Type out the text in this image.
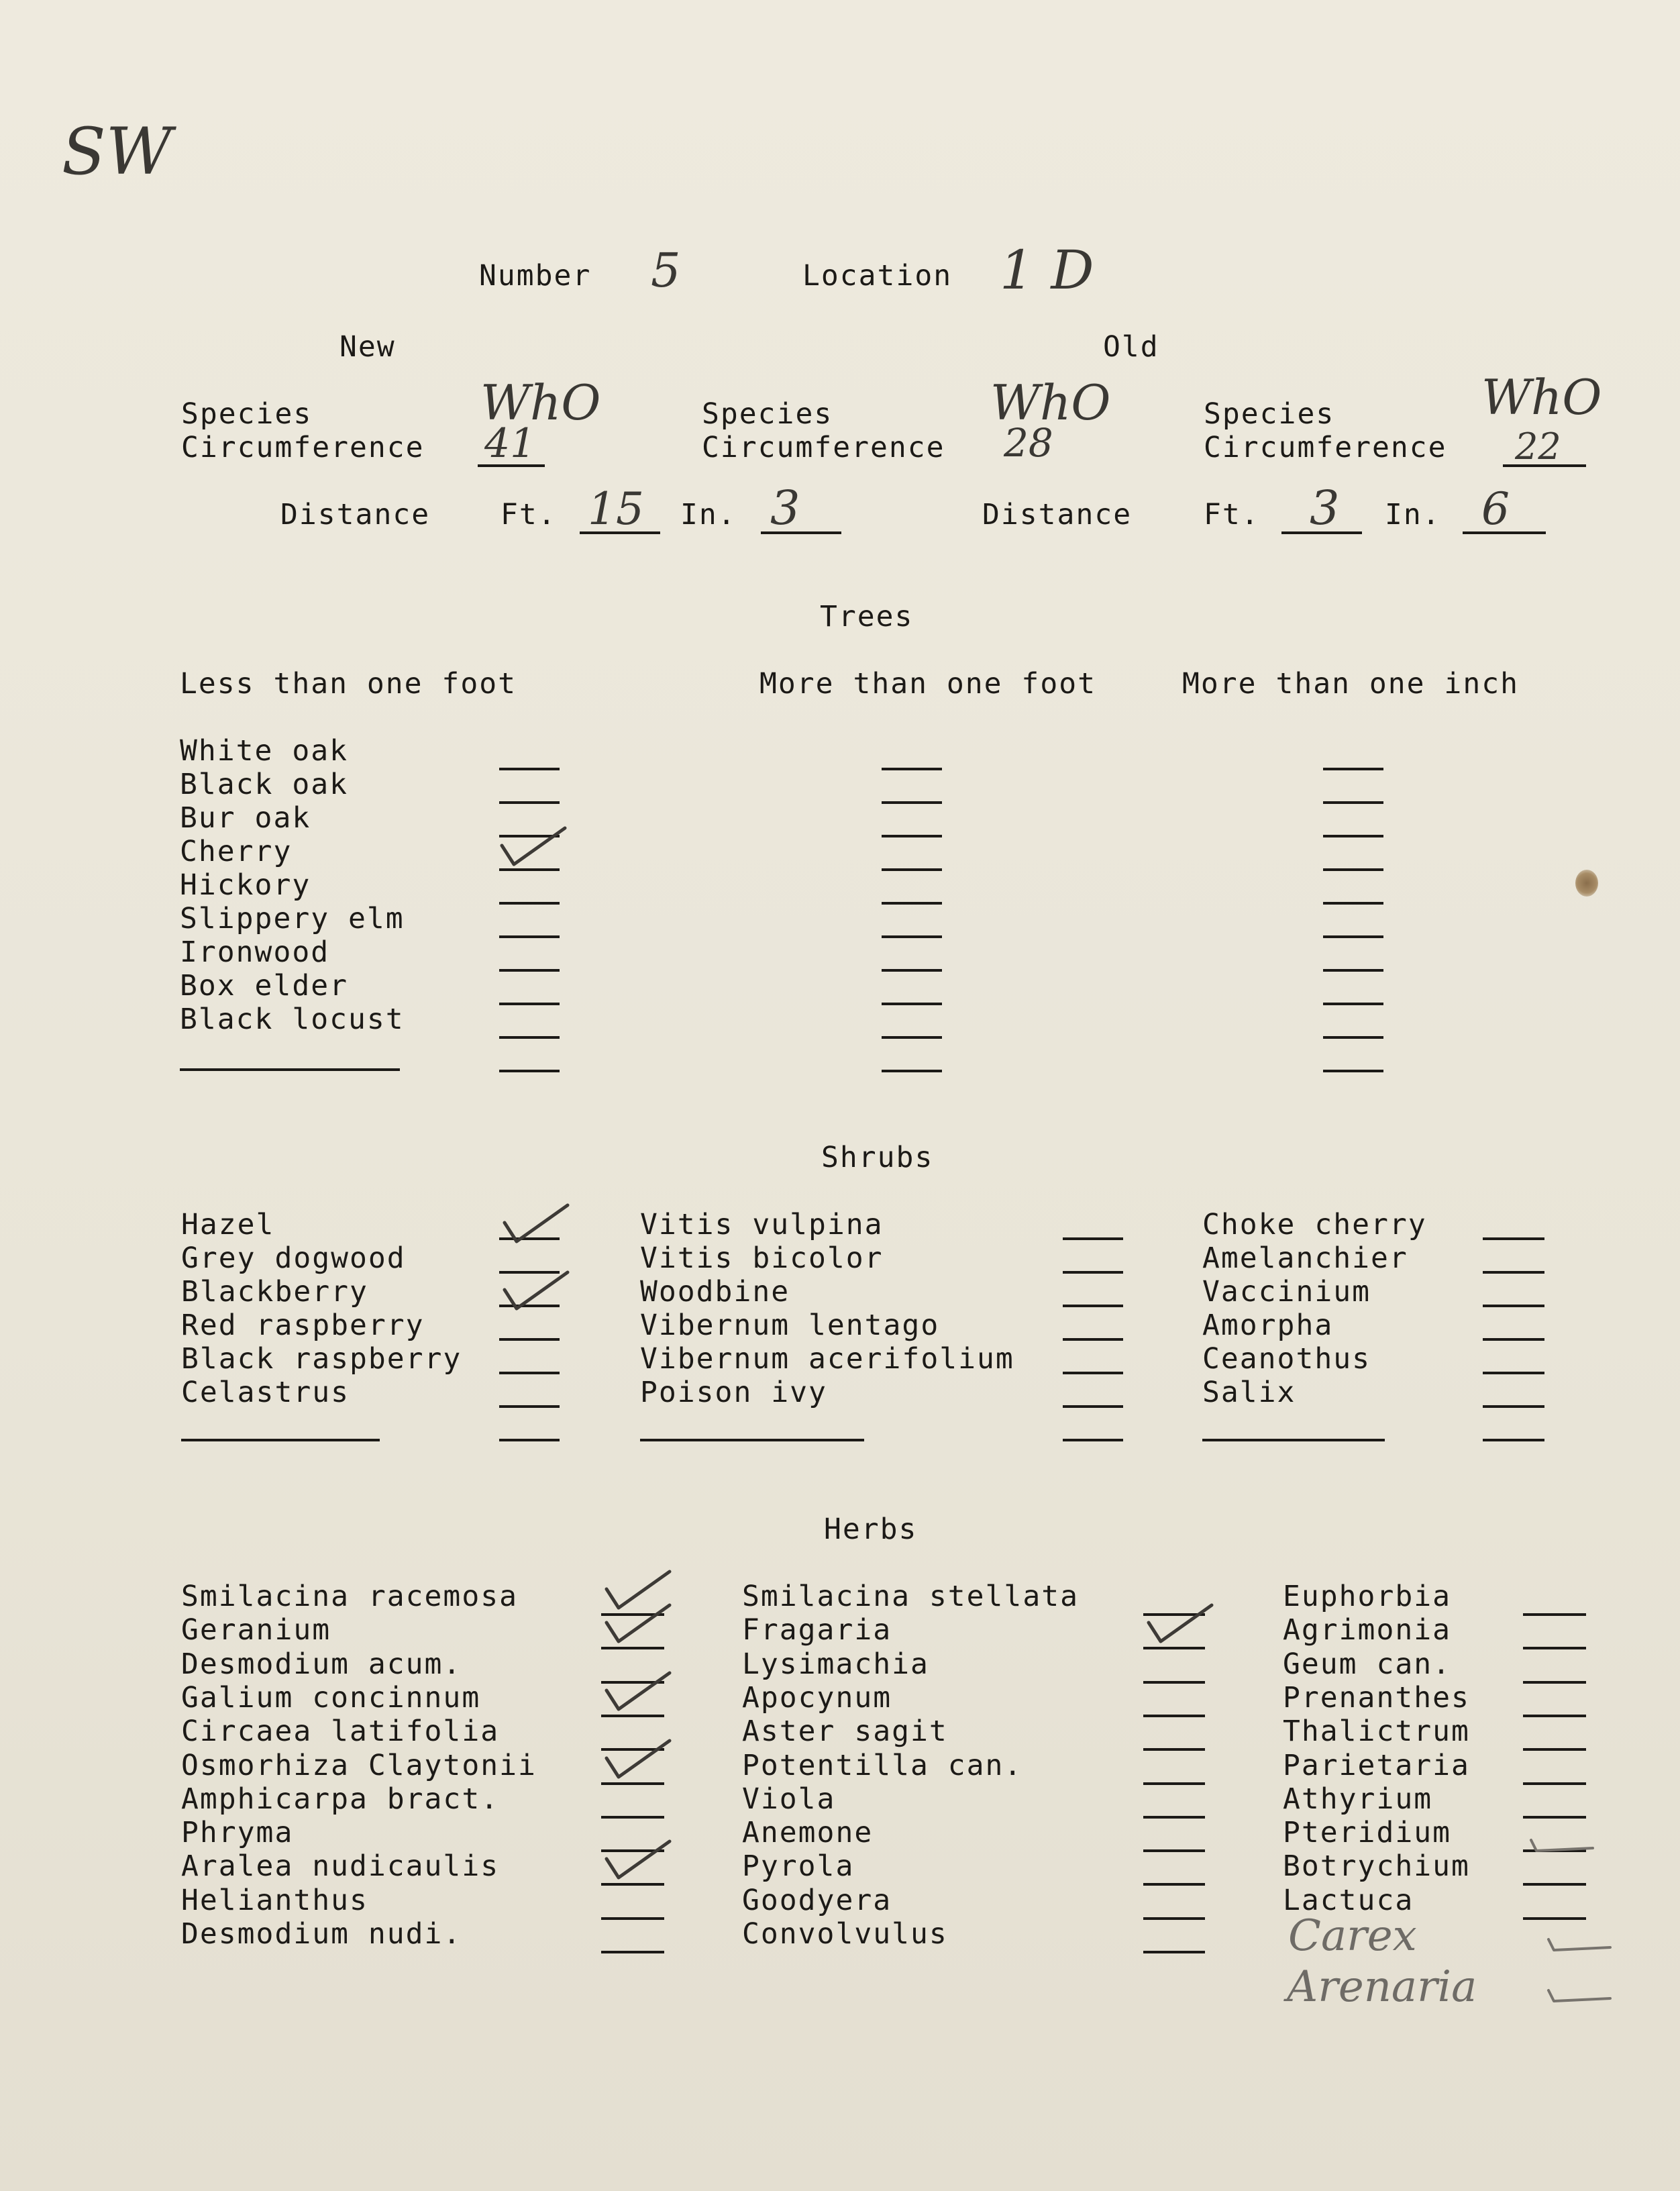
SW
Number 5	Location 1 D
New	Old
Species	WhO
Circumference 41
Distance Ft. 15 In. 3
Species	WhO
Circumference 28
Distance Ft. 3 In. 6
Species	WhO
Circumference 22
Trees
Less than one foot	More than one foot	More than one inch
Shrubs
Herbs
Carex
Arenaria
White oak
Black oak
Bur oak
Cherry
Hickory
Slippery elm
Ironwood
Box elder
Black locust
Hazel
Grey dogwood
Blackberry
Red raspberry
Black raspberry
Celastrus
Vitis vulpina
Vitis bicolor
Woodbine
Vibernum lentago
Vibernum acerifolium
Poison ivy
Choke cherry
Amelanchier
Vaccinium
Amorpha
Ceanothus
Salix
Smilacina racemosa
Geranium
Desmodium acum.
Galium concinnum
Circaea latifolia
Osmorhiza Claytonii
Amphicarpa bract.
Phryma
Aralea nudicaulis
Helianthus
Desmodium nudi.
Smilacina stellata
Fragaria
Lysimachia
Apocynum
Aster sagit
Potentilla can.
Viola
Anemone
Pyrola
Goodyera
Convolvulus
Euphorbia
Agrimonia
Geum can.
Prenanthes
Thalictrum
Parietaria
Athyrium
Pteridium
Botrychium
Lactuca
